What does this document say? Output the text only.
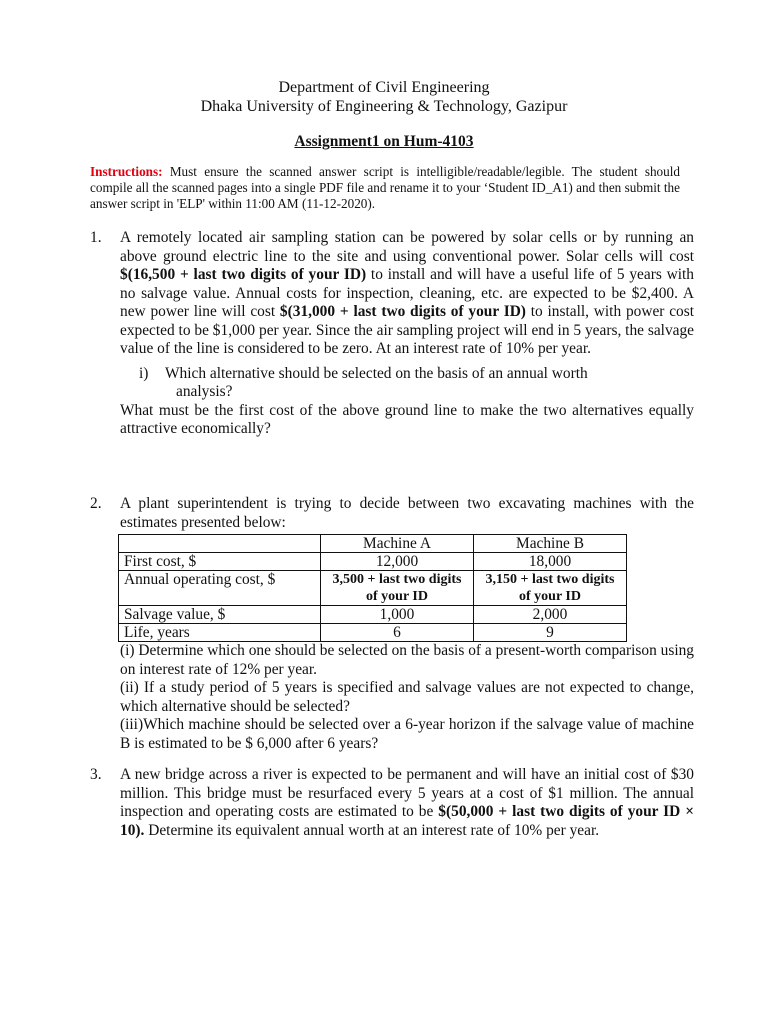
Department of Civil Engineering
Dhaka University of Engineering & Technology, Gazipur
Assignment1 on Hum-4103
Instructions: Must ensure the scanned answer script is intelligible/readable/legible. The student should compile all the scanned pages into a single PDF file and rename it to your ‘Student ID_A1) and then submit the answer script in 'ELP' within 11:00 AM (11-12-2020).
1. A remotely located air sampling station can be powered by solar cells or by running an above ground electric line to the site and using conventional power. Solar cells will cost $(16,500 + last two digits of your ID) to install and will have a useful life of 5 years with no salvage value. Annual costs for inspection, cleaning, etc. are expected to be $2,400. A new power line will cost $(31,000 + last two digits of your ID) to install, with power cost expected to be $1,000 per year. Since the air sampling project will end in 5 years, the salvage value of the line is considered to be zero. At an interest rate of 10% per year.

i) Which alternative should be selected on the basis of an annual worth
analysis?

What must be the first cost of the above ground line to make the two alternatives equally attractive economically?

2. A plant superintendent is trying to decide between two excavating machines with the estimates presented below:

	Machine A	Machine B
First cost, $	12,000	18,000
Annual operating cost, $	3,500 + last two digits of your ID	3,150 + last two digits of your ID
Salvage value, $	1,000	2,000
Life, years	6	9

(i) Determine which one should be selected on the basis of a present-worth comparison using on interest rate of 12% per year.

(ii) If a study period of 5 years is specified and salvage values are not expected to change, which alternative should be selected?

(iii)Which machine should be selected over a 6-year horizon if the salvage value of machine B is estimated to be $ 6,000 after 6 years?

3. A new bridge across a river is expected to be permanent and will have an initial cost of $30 million. This bridge must be resurfaced every 5 years at a cost of $1 million. The annual inspection and operating costs are estimated to be $(50,000 + last two digits of your ID × 10). Determine its equivalent annual worth at an interest rate of 10% per year.
